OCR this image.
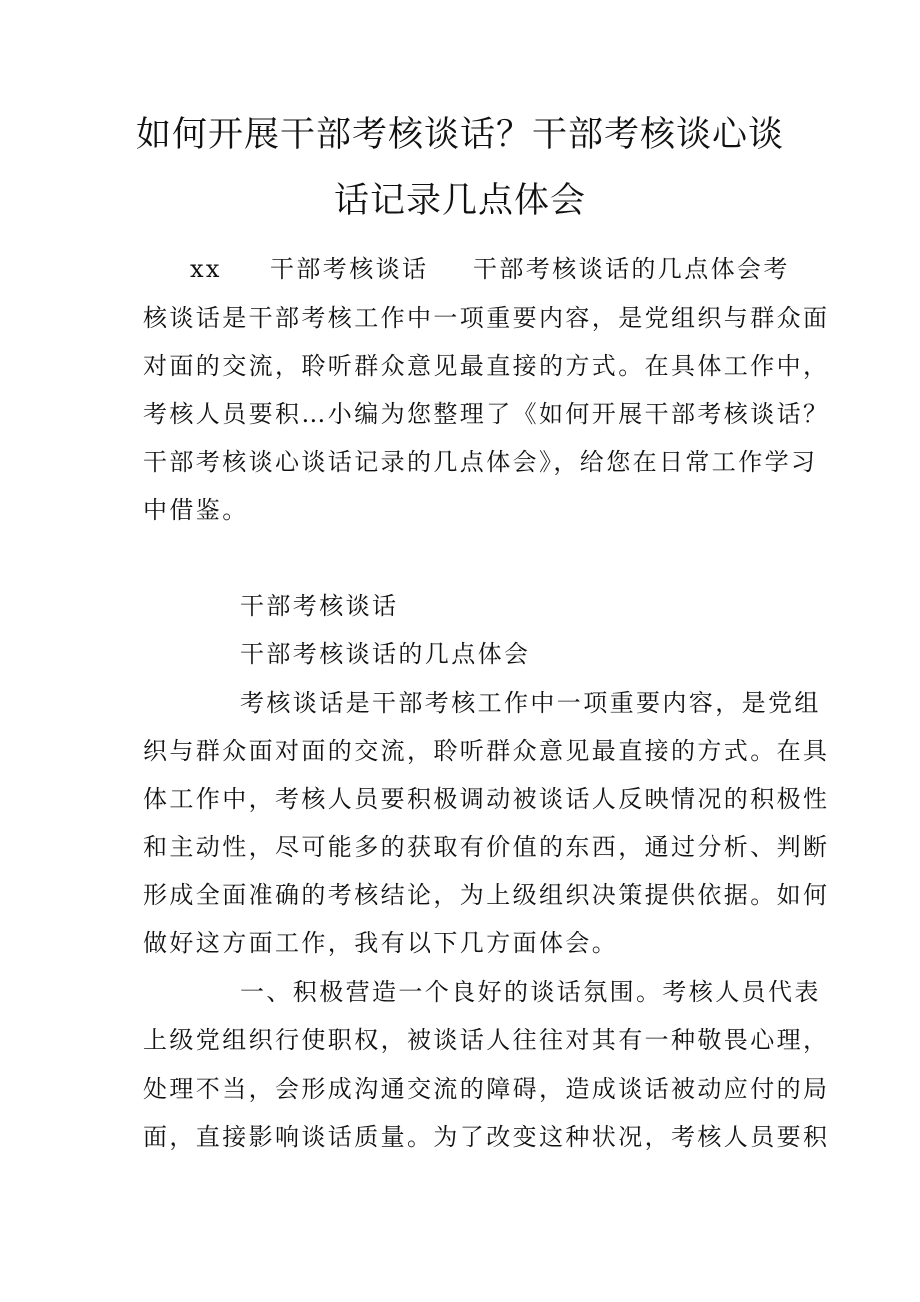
如何开展干部考核谈话？干部考核谈心谈
话记录几点体会
xx 干部考核谈话 干部考核谈话的几点体会考

核谈话是干部考核工作中一项重要内容，是党组织与群众面

对面的交流，聆听群众意见最直接的方式。在具体工作中，

考核人员要积…小编为您整理了《如何开展干部考核谈话？

干部考核谈心谈话记录的几点体会》，给您在日常工作学习

中借鉴。

干部考核谈话

干部考核谈话的几点体会

考核谈话是干部考核工作中一项重要内容，是党组

织与群众面对面的交流，聆听群众意见最直接的方式。在具

体工作中，考核人员要积极调动被谈话人反映情况的积极性

和主动性，尽可能多的获取有价值的东西，通过分析、判断

形成全面准确的考核结论，为上级组织决策提供依据。如何

做好这方面工作，我有以下几方面体会。

一、积极营造一个良好的谈话氛围。考核人员代表

上级党组织行使职权，被谈话人往往对其有一种敬畏心理，

处理不当，会形成沟通交流的障碍，造成谈话被动应付的局

面，直接影响谈话质量。为了改变这种状况，考核人员要积
